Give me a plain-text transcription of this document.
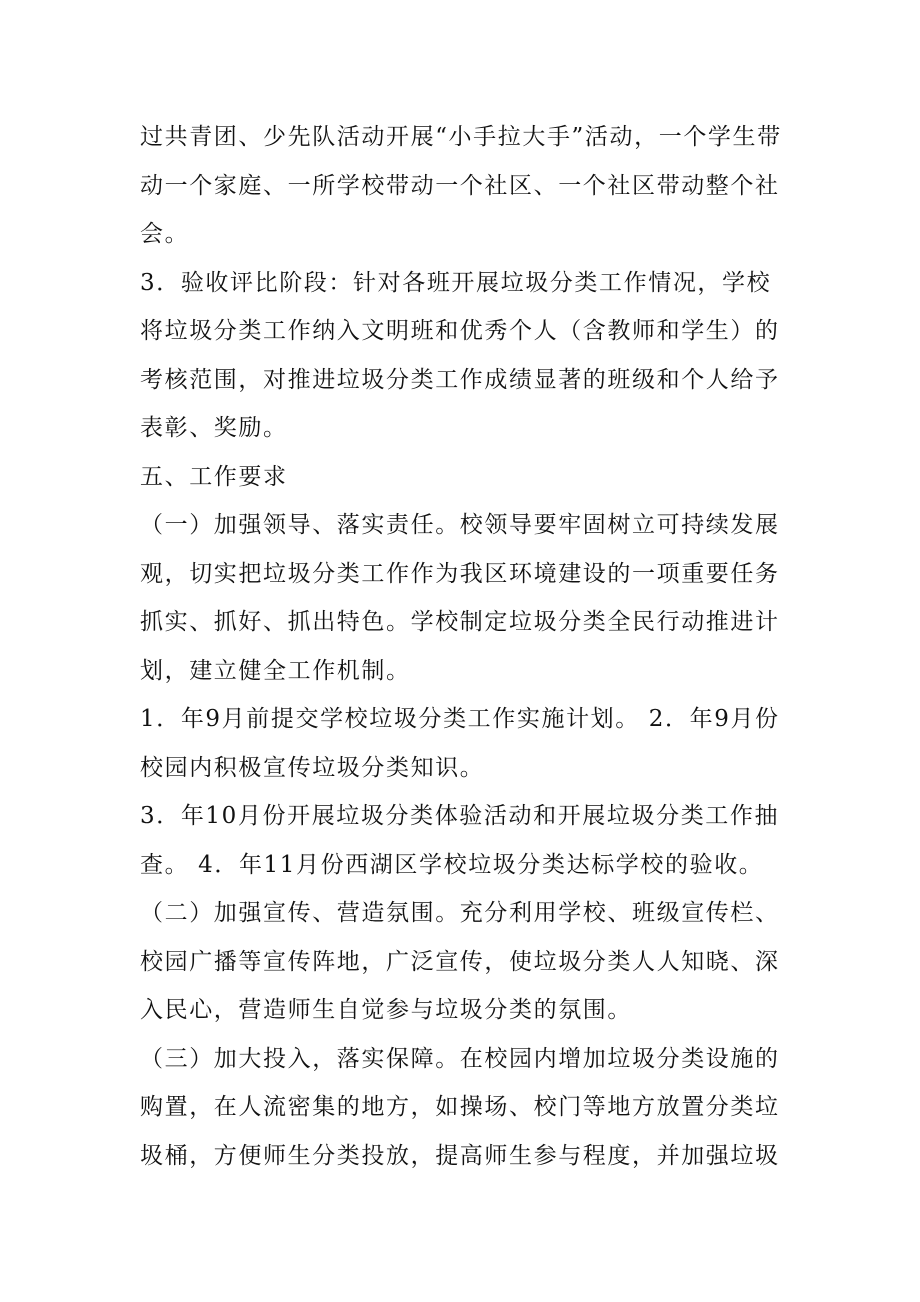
过共青团、少先队活动开展“小手拉大手”活动，一个学生带动一个家庭、一所学校带动一个社区、一个社区带动整个社会。

3．验收评比阶段：针对各班开展垃圾分类工作情况，学校将垃圾分类工作纳入文明班和优秀个人（含教师和学生）的考核范围，对推进垃圾分类工作成绩显著的班级和个人给予表彰、奖励。

五、工作要求

（一）加强领导、落实责任。校领导要牢固树立可持续发展观，切实把垃圾分类工作作为我区环境建设的一项重要任务抓实、抓好、抓出特色。学校制定垃圾分类全民行动推进计划，建立健全工作机制。

1．年9月前提交学校垃圾分类工作实施计划。 2．年9月份校园内积极宣传垃圾分类知识。

3．年10月份开展垃圾分类体验活动和开展垃圾分类工作抽查。 4．年11月份西湖区学校垃圾分类达标学校的验收。

（二）加强宣传、营造氛围。充分利用学校、班级宣传栏、校园广播等宣传阵地，广泛宣传，使垃圾分类人人知晓、深入民心，营造师生自觉参与垃圾分类的氛围。

（三）加大投入，落实保障。在校园内增加垃圾分类设施的购置，在人流密集的地方，如操场、校门等地方放置分类垃圾桶，方便师生分类投放，提高师生参与程度，并加强垃圾
